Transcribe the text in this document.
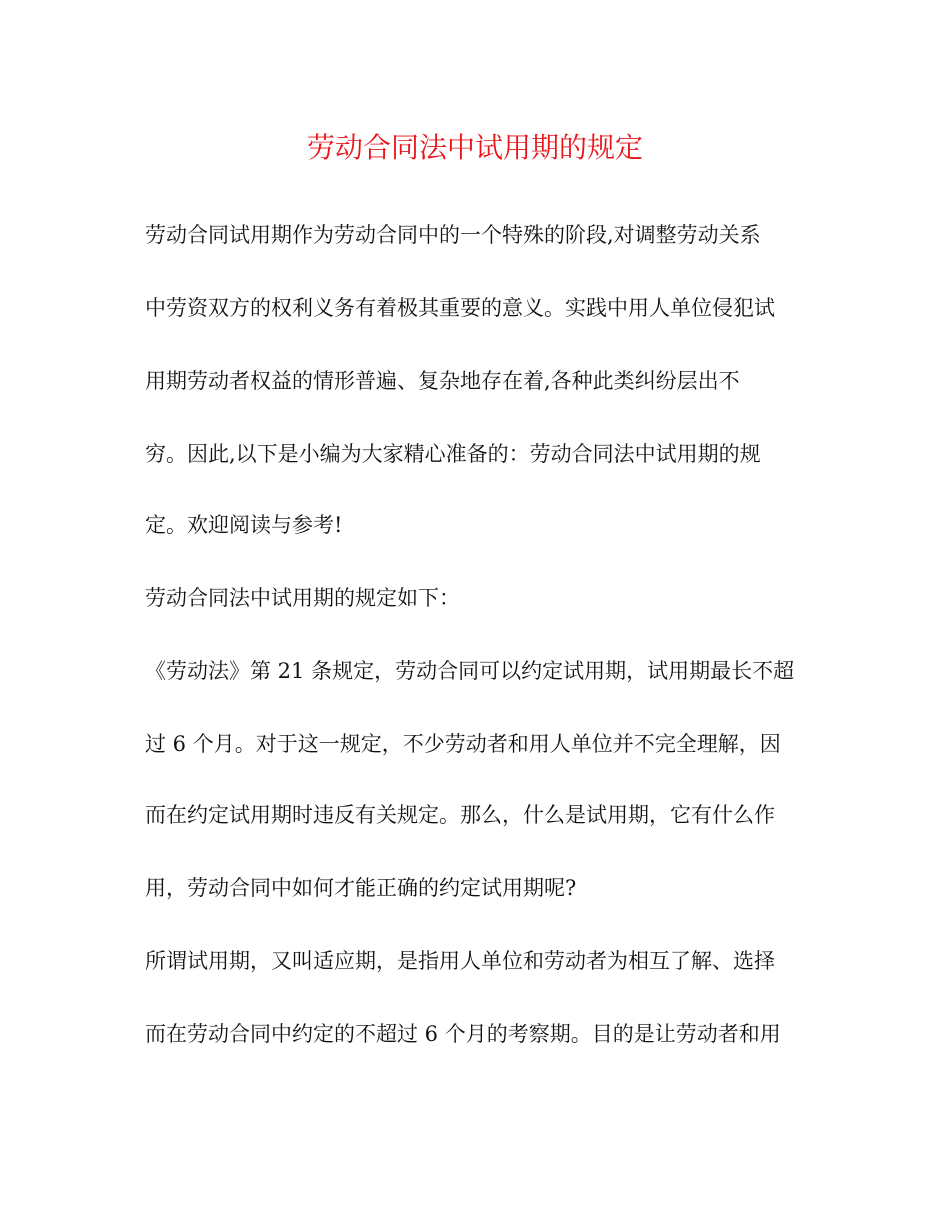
劳动合同法中试用期的规定

劳动合同试用期作为劳动合同中的一个特殊的阶段,对调整劳动关系

中劳资双方的权利义务有着极其重要的意义。实践中用人单位侵犯试

用期劳动者权益的情形普遍、复杂地存在着,各种此类纠纷层出不

穷。因此,以下是小编为大家精心准备的：劳动合同法中试用期的规

定。欢迎阅读与参考!

劳动合同法中试用期的规定如下：

《劳动法》第 21 条规定，劳动合同可以约定试用期，试用期最长不超

过 6 个月。对于这一规定，不少劳动者和用人单位并不完全理解，因

而在约定试用期时违反有关规定。那么，什么是试用期，它有什么作

用，劳动合同中如何才能正确的约定试用期呢?

所谓试用期，又叫适应期，是指用人单位和劳动者为相互了解、选择

而在劳动合同中约定的不超过 6 个月的考察期。目的是让劳动者和用
